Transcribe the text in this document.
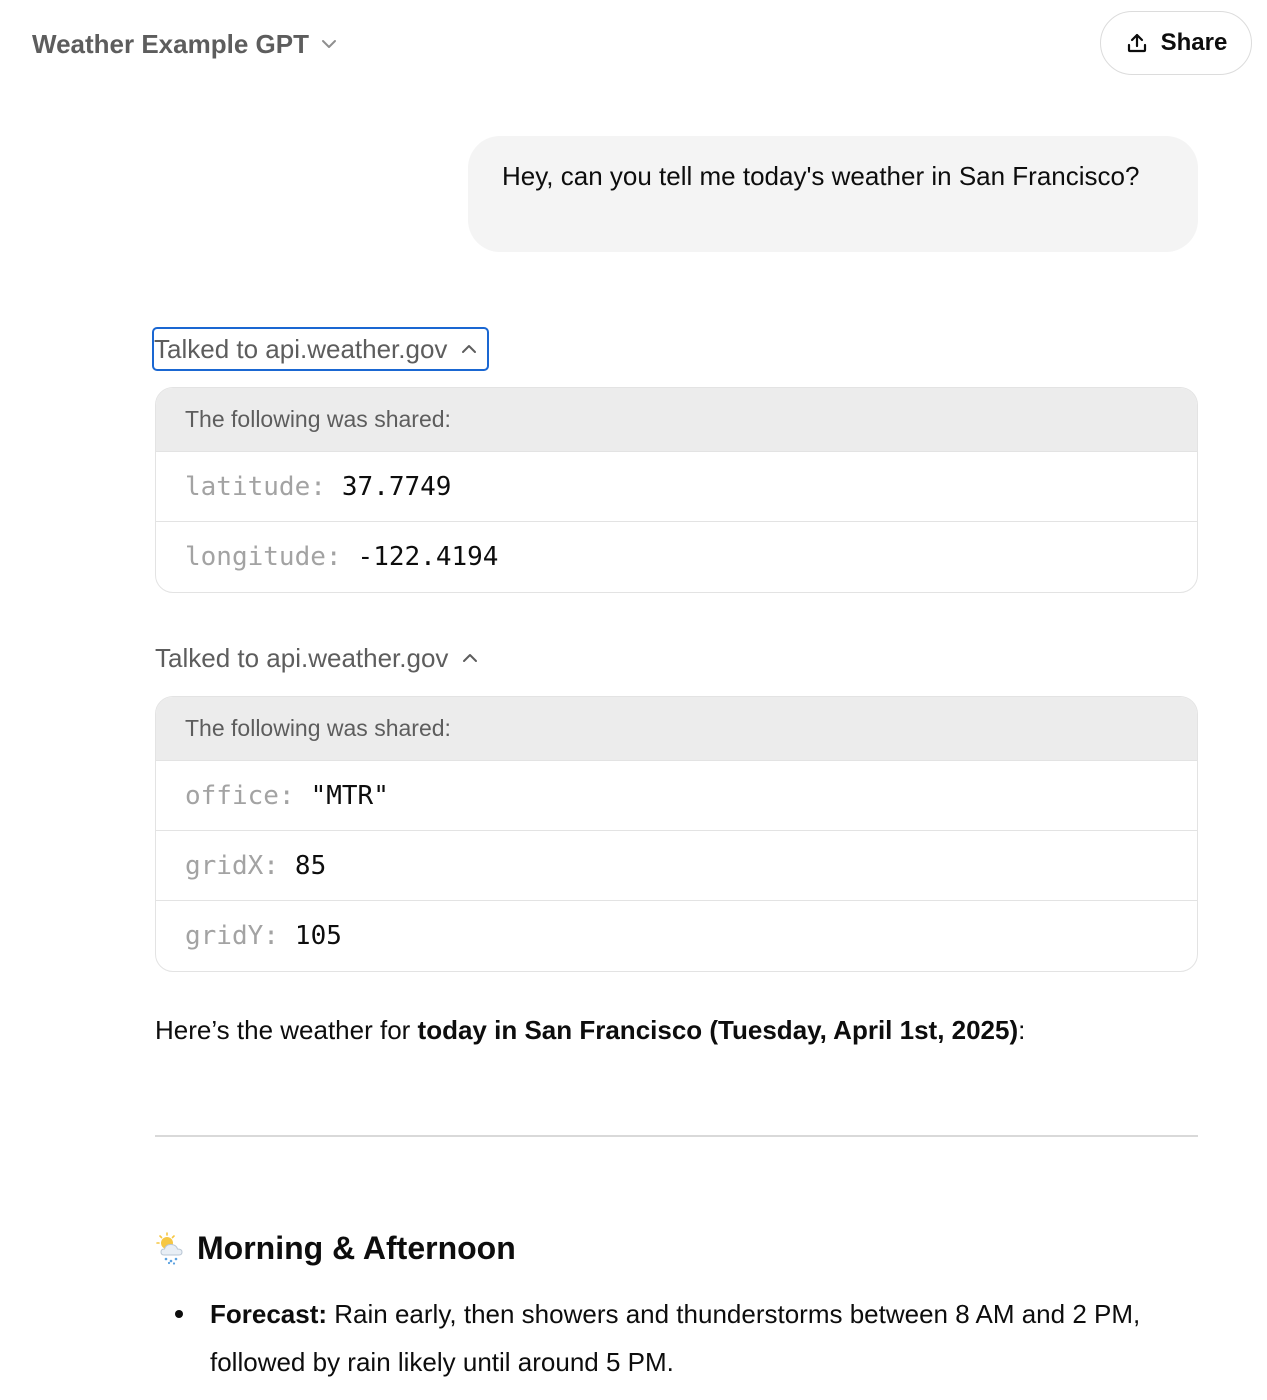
Weather Example GPT	Share
Hey, can you tell me today's weather in San Francisco?
Talked to api.weather.gov
The following was shared:
latitude: 37.7749
longitude: -122.4194
Talked to api.weather.gov
The following was shared:
office: "MTR"
gridX: 85
gridY: 105
Here’s the weather for today in San Francisco (Tuesday, April 1st, 2025):
Morning & Afternoon
Forecast: Rain early, then showers and thunderstorms between 8 AM and 2 PM, followed by rain likely until around 5 PM.
